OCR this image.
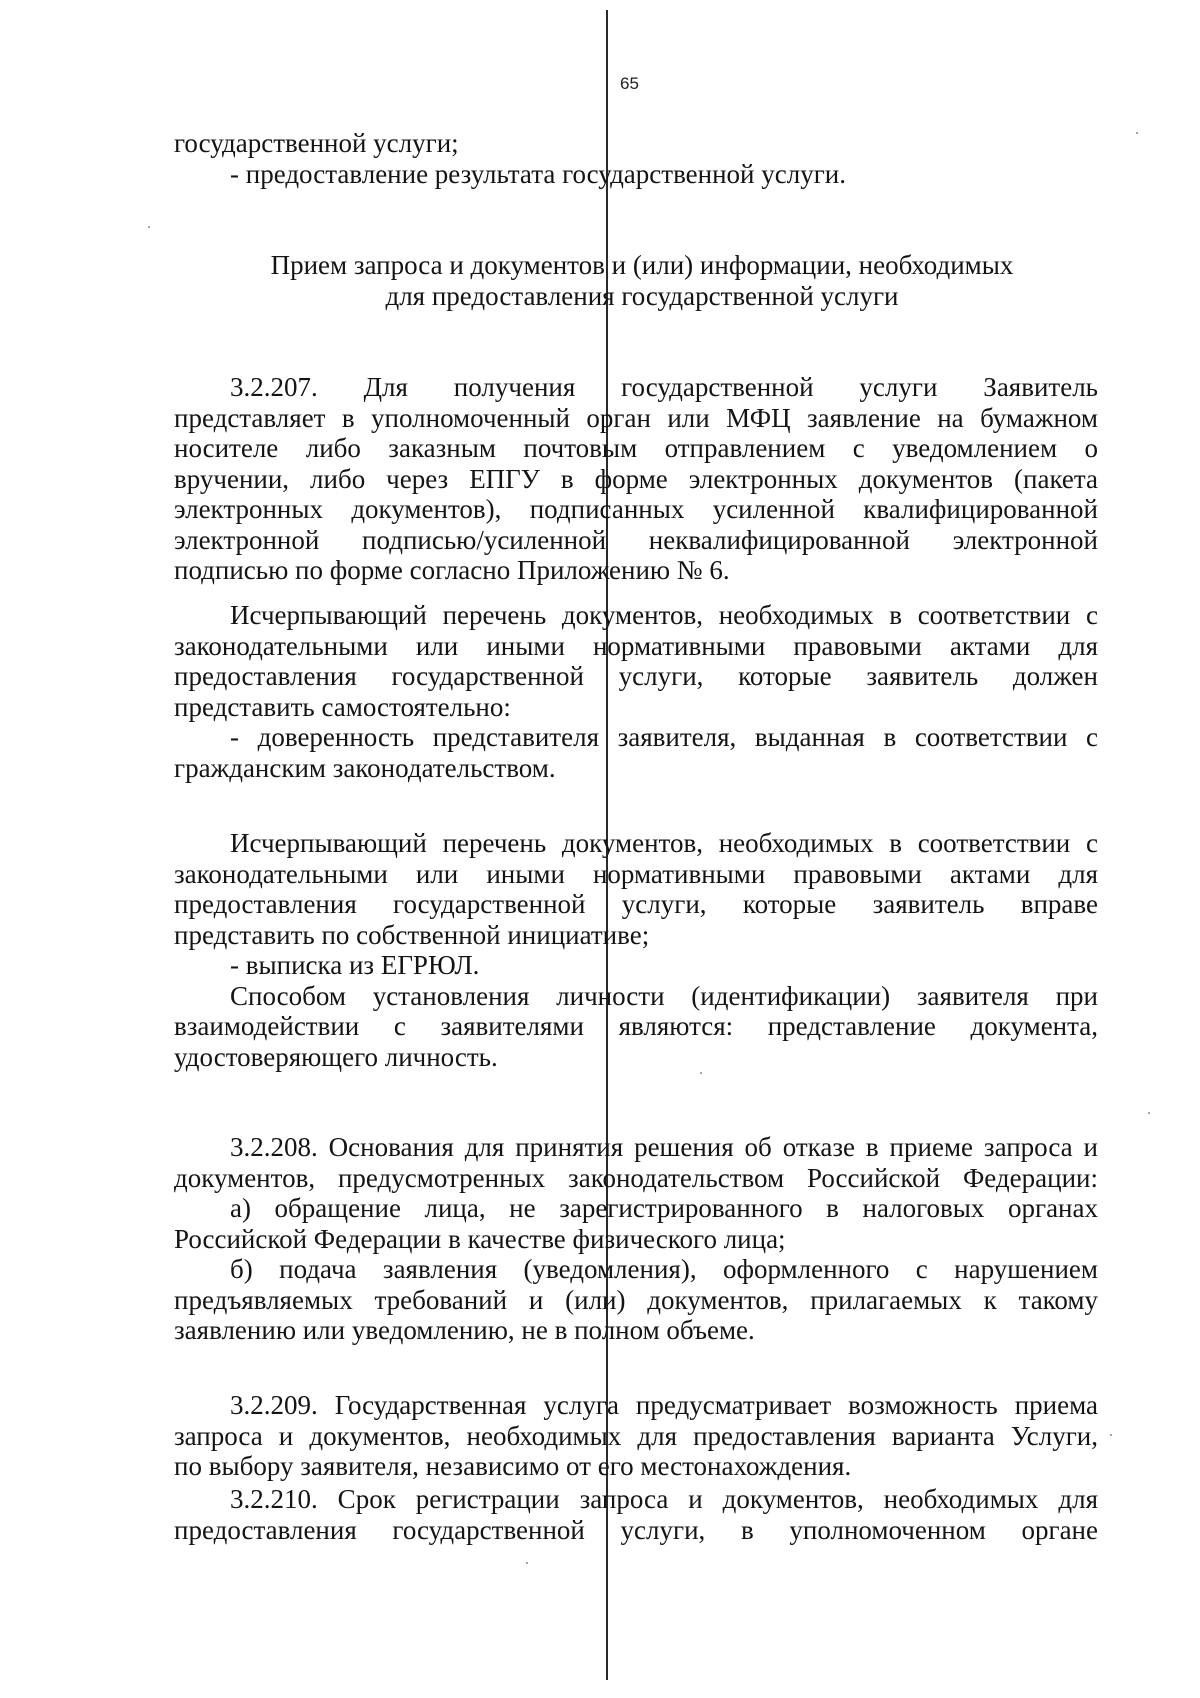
65
государственной услуги;
- предоставление результата государственной услуги.
Прием запроса и документов и (или) информации, необходимых
для предоставления государственной услуги
3.2.207. Для получения государственной услуги Заявитель
представляет в уполномоченный орган или МФЦ заявление на бумажном
носителе либо заказным почтовым отправлением с уведомлением о
вручении, либо через ЕПГУ в форме электронных документов (пакета
электронных документов), подписанных усиленной квалифицированной
электронной подписью/усиленной неквалифицированной электронной
подписью по форме согласно Приложению № 6.
Исчерпывающий перечень документов, необходимых в соответствии с
законодательными или иными нормативными правовыми актами для
предоставления государственной услуги, которые заявитель должен
представить самостоятельно:
- доверенность представителя заявителя, выданная в соответствии с
гражданским законодательством.
Исчерпывающий перечень документов, необходимых в соответствии с
законодательными или иными нормативными правовыми актами для
предоставления государственной услуги, которые заявитель вправе
представить по собственной инициативе;
- выписка из ЕГРЮЛ.
Способом установления личности (идентификации) заявителя при
взаимодействии с заявителями являются: представление документа,
удостоверяющего личность.
3.2.208. Основания для принятия решения об отказе в приеме запроса и
документов, предусмотренных законодательством Российской Федерации:
а) обращение лица, не зарегистрированного в налоговых органах
Российской Федерации в качестве физического лица;
б) подача заявления (уведомления), оформленного с нарушением
предъявляемых требований и (или) документов, прилагаемых к такому
заявлению или уведомлению, не в полном объеме.
3.2.209. Государственная услуга предусматривает возможность приема
запроса и документов, необходимых для предоставления варианта Услуги,
по выбору заявителя, независимо от его местонахождения.
3.2.210. Срок регистрации запроса и документов, необходимых для
предоставления государственной услуги, в уполномоченном органе
